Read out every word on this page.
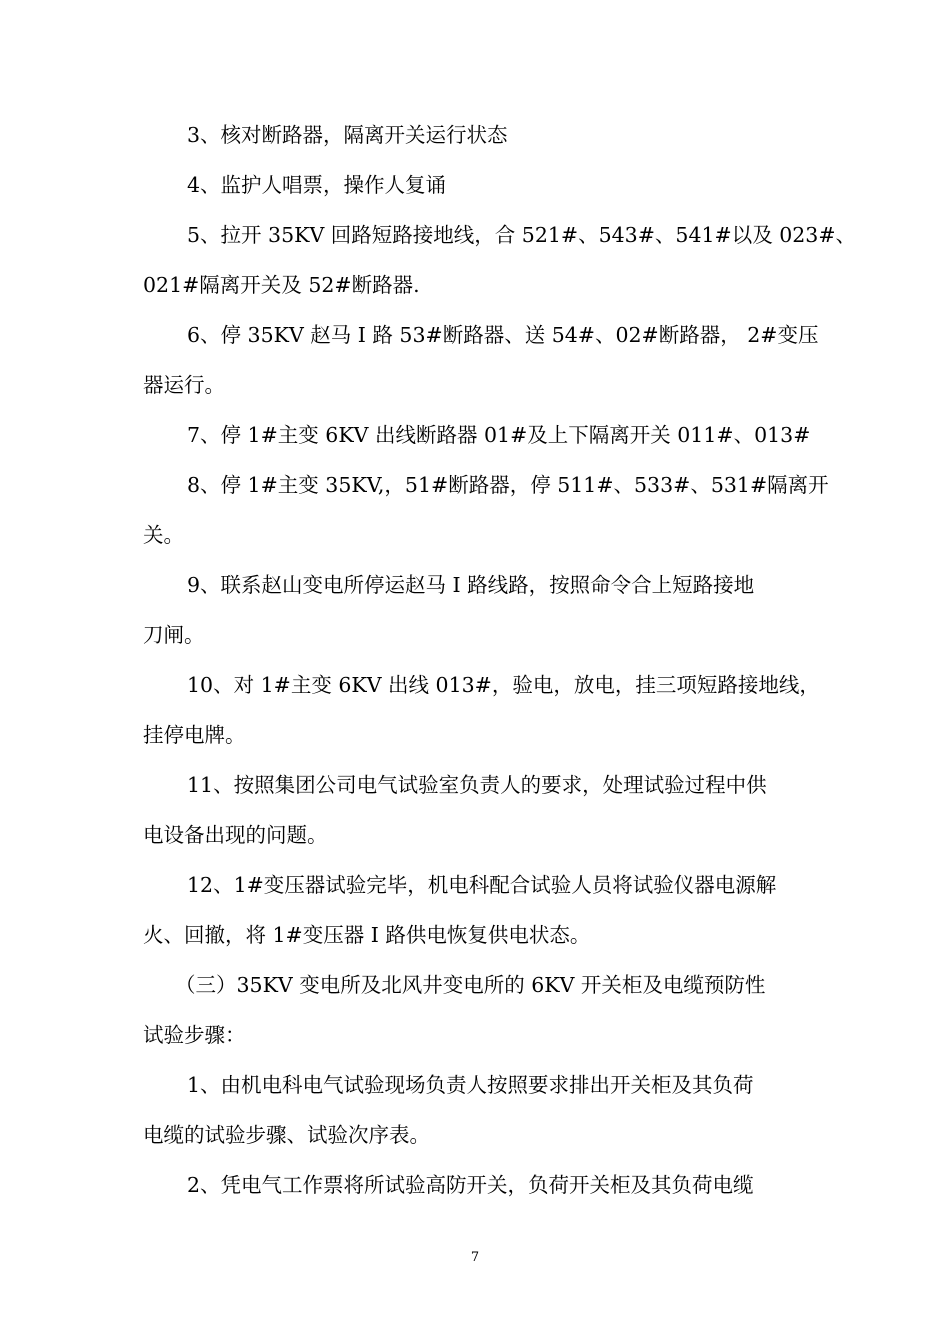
3、核对断路器，隔离开关运行状态
4、监护人唱票，操作人复诵
5、拉开 35KV 回路短路接地线，合 521#、543#、541#以及 023#、
021#隔离开关及 52#断路器.
6、停 35KV 赵马 I 路 53#断路器、送 54#、02#断路器， 2#变压
器运行。
7、停 1#主变 6KV 出线断路器 01#及上下隔离开关 011#、013#
8、停 1#主变 35KV,，51#断路器，停 511#、533#、531#隔离开
关。
9、联系赵山变电所停运赵马 I 路线路，按照命令合上短路接地
刀闸。
10、对 1#主变 6KV 出线 013#，验电，放电，挂三项短路接地线，
挂停电牌。
11、按照集团公司电气试验室负责人的要求，处理试验过程中供
电设备出现的问题。
12、1#变压器试验完毕，机电科配合试验人员将试验仪器电源解
火、回撤，将 1#变压器 I 路供电恢复供电状态。
（三）35KV 变电所及北风井变电所的 6KV 开关柜及电缆预防性
试验步骤：
1、由机电科电气试验现场负责人按照要求排出开关柜及其负荷
电缆的试验步骤、试验次序表。
2、凭电气工作票将所试验高防开关，负荷开关柜及其负荷电缆
7
